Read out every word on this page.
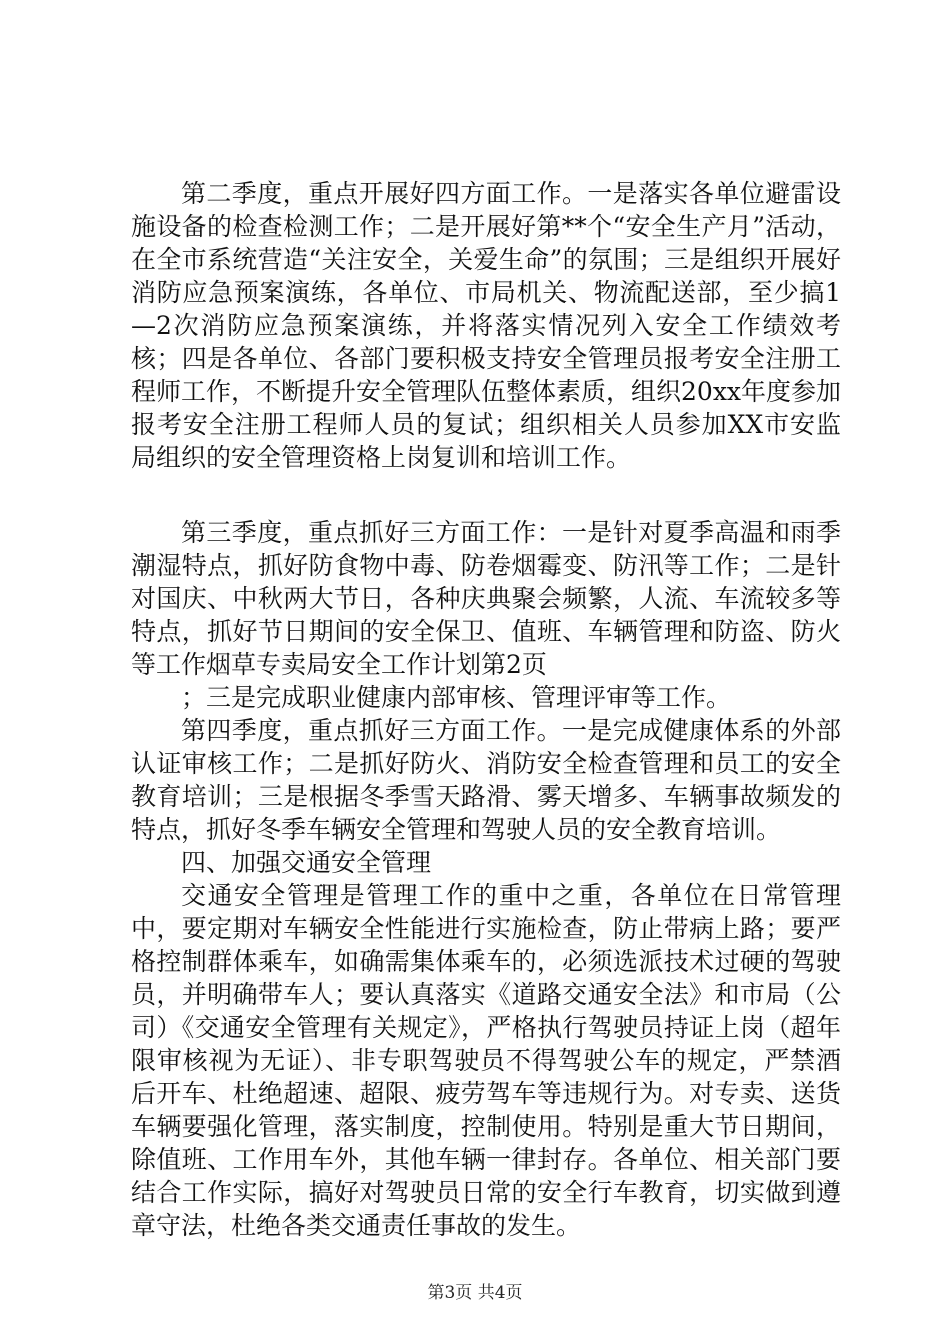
第二季度，重点开展好四方面工作。一是落实各单位避雷设施设备的检查检测工作；二是开展好第**个“安全生产月”活动，在全市系统营造“关注安全，关爱生命”的氛围；三是组织开展好消防应急预案演练，各单位、市局机关、物流配送部，至少搞1—2次消防应急预案演练，并将落实情况列入安全工作绩效考核；四是各单位、各部门要积极支持安全管理员报考安全注册工程师工作，不断提升安全管理队伍整体素质，组织20xx年度参加报考安全注册工程师人员的复试；组织相关人员参加XX市安监局组织的安全管理资格上岗复训和培训工作。

第三季度，重点抓好三方面工作：一是针对夏季高温和雨季潮湿特点，抓好防食物中毒、防卷烟霉变、防汛等工作；二是针对国庆、中秋两大节日，各种庆典聚会频繁，人流、车流较多等特点，抓好节日期间的安全保卫、值班、车辆管理和防盗、防火等工作烟草专卖局安全工作计划第2页

；三是完成职业健康内部审核、管理评审等工作。

第四季度，重点抓好三方面工作。一是完成健康体系的外部认证审核工作；二是抓好防火、消防安全检查管理和员工的安全教育培训；三是根据冬季雪天路滑、雾天增多、车辆事故频发的特点，抓好冬季车辆安全管理和驾驶人员的安全教育培训。

四、加强交通安全管理

交通安全管理是管理工作的重中之重，各单位在日常管理中，要定期对车辆安全性能进行实施检查，防止带病上路；要严格控制群体乘车，如确需集体乘车的，必须选派技术过硬的驾驶员，并明确带车人；要认真落实《道路交通安全法》和市局（公司）《交通安全管理有关规定》，严格执行驾驶员持证上岗（超年限审核视为无证）、非专职驾驶员不得驾驶公车的规定，严禁酒后开车、杜绝超速、超限、疲劳驾车等违规行为。对专卖、送货车辆要强化管理，落实制度，控制使用。特别是重大节日期间，除值班、工作用车外，其他车辆一律封存。各单位、相关部门要结合工作实际，搞好对驾驶员日常的安全行车教育，切实做到遵章守法，杜绝各类交通责任事故的发生。

第3页 共4页
